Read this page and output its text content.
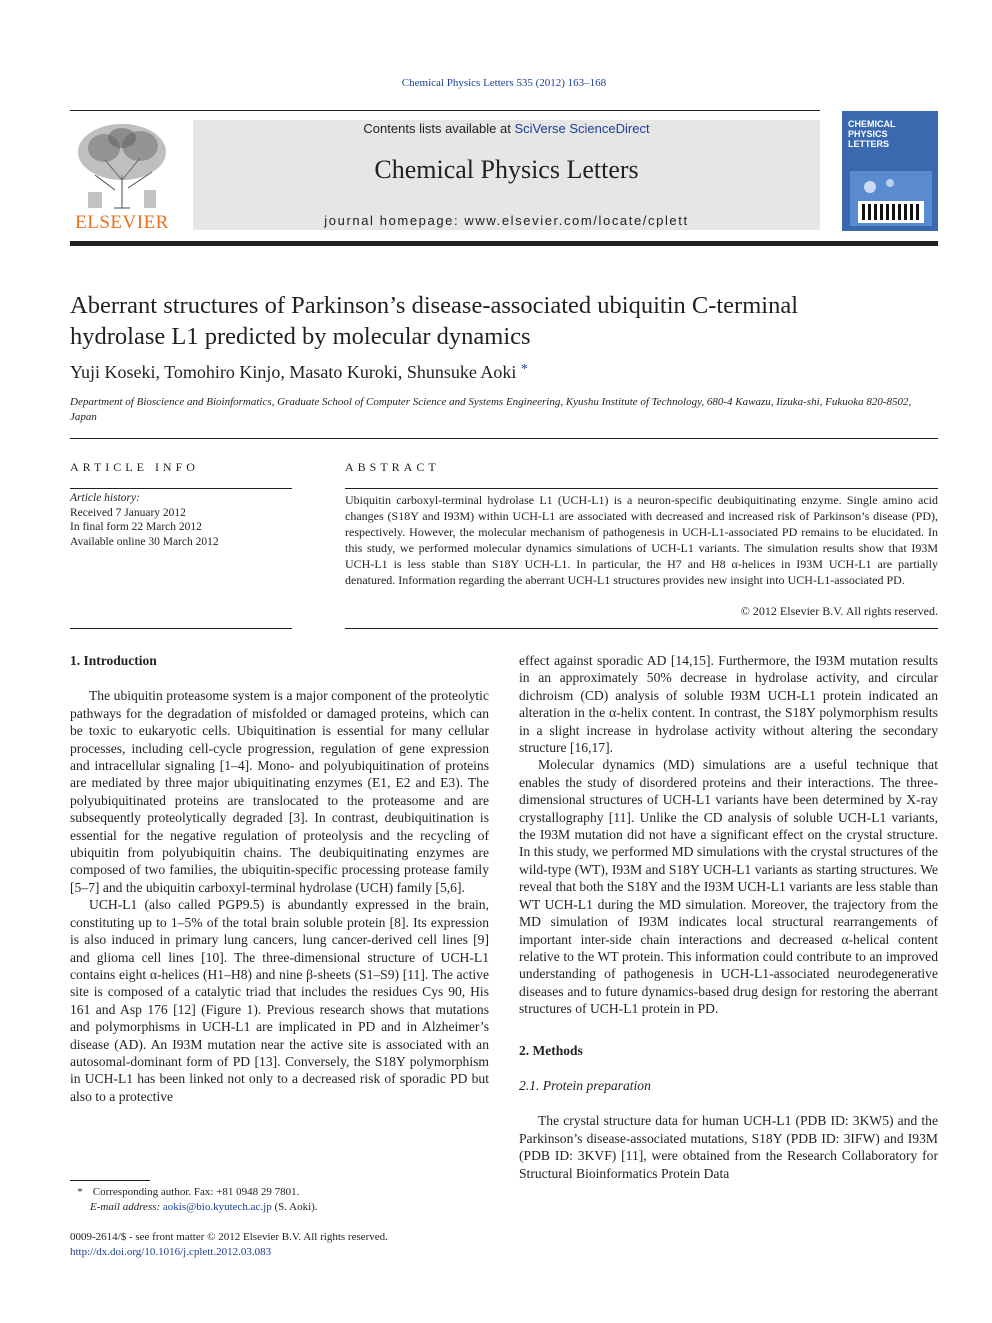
Chemical Physics Letters 535 (2012) 163–168
ELSEVIER
Contents lists available at SciVerse ScienceDirect
Chemical Physics Letters
journal homepage: www.elsevier.com/locate/cplett
CHEMICAL
PHYSICS
LETTERS
Aberrant structures of Parkinson’s disease-associated ubiquitin C-terminal
hydrolase L1 predicted by molecular dynamics
Yuji Koseki, Tomohiro Kinjo, Masato Kuroki, Shunsuke Aoki *
Department of Bioscience and Bioinformatics, Graduate School of Computer Science and Systems Engineering, Kyushu Institute of Technology, 680-4 Kawazu, Iizuka-shi, Fukuoka 820-8502, Japan
ARTICLE INFO	ABSTRACT
Article history:
Received 7 January 2012
In final form 22 March 2012
Available online 30 March 2012
Ubiquitin carboxyl-terminal hydrolase L1 (UCH-L1) is a neuron-specific deubiquitinating enzyme. Single amino acid changes (S18Y and I93M) within UCH-L1 are associated with decreased and increased risk of Parkinson’s disease (PD), respectively. However, the molecular mechanism of pathogenesis in UCH-L1-associated PD remains to be elucidated. In this study, we performed molecular dynamics simulations of UCH-L1 variants. The simulation results show that I93M UCH-L1 is less stable than S18Y UCH-L1. In particular, the H7 and H8 α-helices in I93M UCH-L1 are partially denatured. Information regarding the aberrant UCH-L1 structures provides new insight into UCH-L1-associated PD.
© 2012 Elsevier B.V. All rights reserved.
1. Introduction

The ubiquitin proteasome system is a major component of the proteolytic pathways for the degradation of misfolded or damaged proteins, which can be toxic to eukaryotic cells. Ubiquitination is essential for many cellular processes, including cell-cycle progression, regulation of gene expression and intracellular signaling [1–4]. Mono- and polyubiquitination of proteins are mediated by three major ubiquitinating enzymes (E1, E2 and E3). The polyubiquitinated proteins are translocated to the proteasome and are subsequently proteolytically degraded [3]. In contrast, deubiquitination is essential for the negative regulation of proteolysis and the recycling of ubiquitin from polyubiquitin chains. The deubiquitinating enzymes are composed of two families, the ubiquitin-specific processing protease family [5–7] and the ubiquitin carboxyl-terminal hydrolase (UCH) family [5,6].

UCH-L1 (also called PGP9.5) is abundantly expressed in the brain, constituting up to 1–5% of the total brain soluble protein [8]. Its expression is also induced in primary lung cancers, lung cancer-derived cell lines [9] and glioma cell lines [10]. The three-dimensional structure of UCH-L1 contains eight α-helices (H1–H8) and nine β-sheets (S1–S9) [11]. The active site is composed of a catalytic triad that includes the residues Cys 90, His 161 and Asp 176 [12] (Figure 1). Previous research shows that mutations and polymorphisms in UCH-L1 are implicated in PD and in Alzheimer’s disease (AD). An I93M mutation near the active site is associated with an autosomal-dominant form of PD [13]. Conversely, the S18Y polymorphism in UCH-L1 has been linked not only to a decreased risk of sporadic PD but also to a protective

effect against sporadic AD [14,15]. Furthermore, the I93M mutation results in an approximately 50% decrease in hydrolase activity, and circular dichroism (CD) analysis of soluble I93M UCH-L1 protein indicated an alteration in the α-helix content. In contrast, the S18Y polymorphism results in a slight increase in hydrolase activity without altering the secondary structure [16,17].

Molecular dynamics (MD) simulations are a useful technique that enables the study of disordered proteins and their interactions. The three-dimensional structures of UCH-L1 variants have been determined by X-ray crystallography [11]. Unlike the CD analysis of soluble UCH-L1 variants, the I93M mutation did not have a significant effect on the crystal structure. In this study, we performed MD simulations with the crystal structures of the wild-type (WT), I93M and S18Y UCH-L1 variants as starting structures. We reveal that both the S18Y and the I93M UCH-L1 variants are less stable than WT UCH-L1 during the MD simulation. Moreover, the trajectory from the MD simulation of I93M indicates local structural rearrangements of important inter-side chain interactions and decreased α-helical content relative to the WT protein. This information could contribute to an improved understanding of pathogenesis in UCH-L1-associated neurodegenerative diseases and to future dynamics-based drug design for restoring the aberrant structures of UCH-L1 protein in PD.

2. Methods
2.1. Protein preparation

The crystal structure data for human UCH-L1 (PDB ID: 3KW5) and the Parkinson’s disease-associated mutations, S18Y (PDB ID: 3IFW) and I93M (PDB ID: 3KVF) [11], were obtained from the Research Collaboratory for Structural Bioinformatics Protein Data

* Corresponding author. Fax: +81 0948 29 7801.
E-mail address: aokis@bio.kyutech.ac.jp (S. Aoki).
0009-2614/$ - see front matter © 2012 Elsevier B.V. All rights reserved.
http://dx.doi.org/10.1016/j.cplett.2012.03.083
